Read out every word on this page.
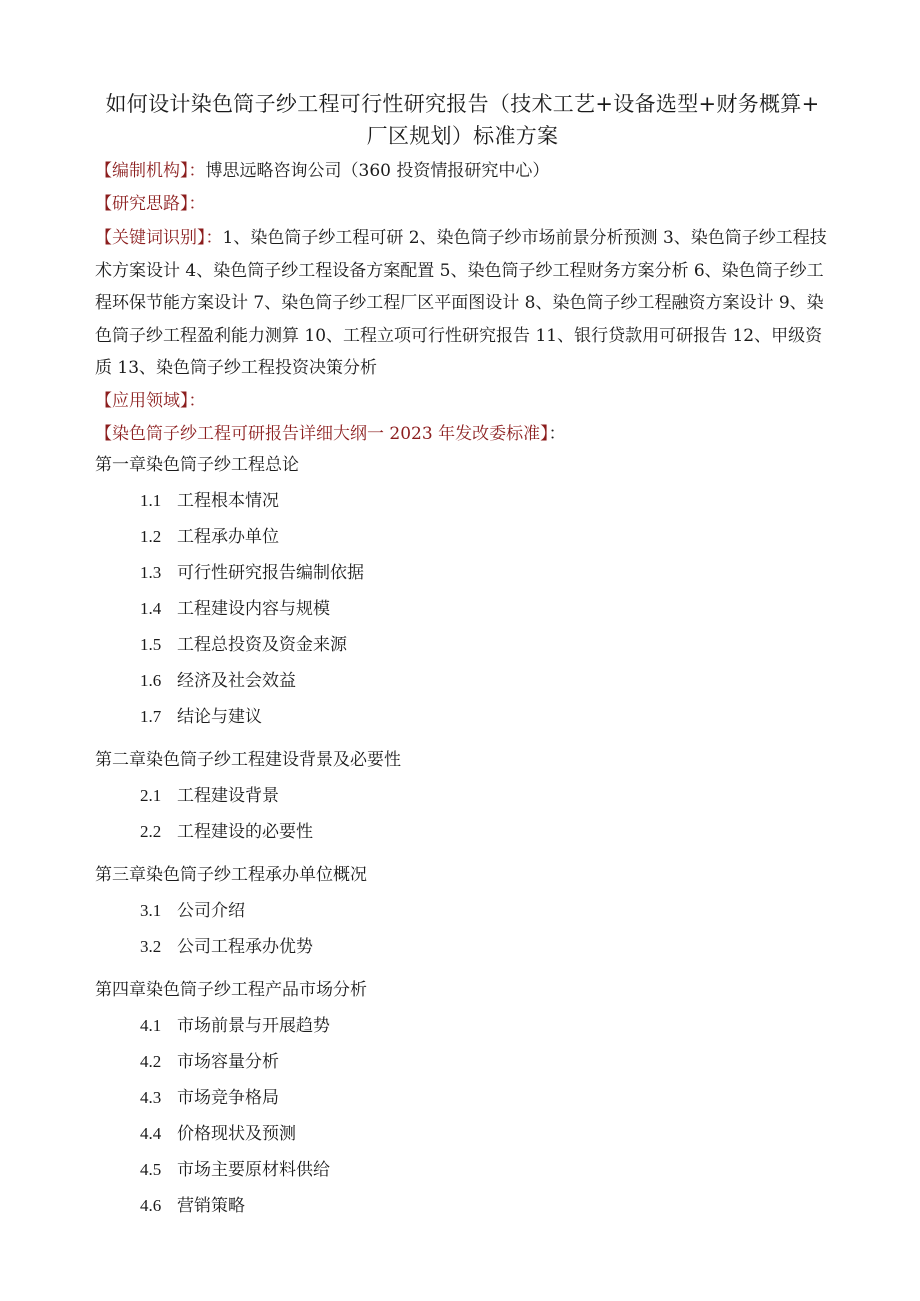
如何设计染色筒子纱工程可行性研究报告（技术工艺+设备选型+财务概算+
厂区规划）标准方案
【编制机构】：博思远略咨询公司（360 投资情报研究中心）
【研究思路】：
【关键词识别】：1、染色筒子纱工程可研 2、染色筒子纱市场前景分析预测 3、染色筒子纱工程技术方案设计 4、染色筒子纱工程设备方案配置 5、染色筒子纱工程财务方案分析 6、染色筒子纱工程环保节能方案设计 7、染色筒子纱工程厂区平面图设计 8、染色筒子纱工程融资方案设计 9、染色筒子纱工程盈利能力测算 10、工程立项可行性研究报告 11、银行贷款用可研报告 12、甲级资质 13、染色筒子纱工程投资决策分析
【应用领域】：
【染色筒子纱工程可研报告详细大纲一 2023 年发改委标准】：
第一章染色筒子纱工程总论
1.1 工程根本情况
1.2 工程承办单位
1.3 可行性研究报告编制依据
1.4 工程建设内容与规模
1.5 工程总投资及资金来源
1.6 经济及社会效益
1.7 结论与建议
第二章染色筒子纱工程建设背景及必要性
2.1 工程建设背景
2.2 工程建设的必要性
第三章染色筒子纱工程承办单位概况
3.1 公司介绍
3.2 公司工程承办优势
第四章染色筒子纱工程产品市场分析
4.1 市场前景与开展趋势
4.2 市场容量分析
4.3 市场竞争格局
4.4 价格现状及预测
4.5 市场主要原材料供给
4.6 营销策略
